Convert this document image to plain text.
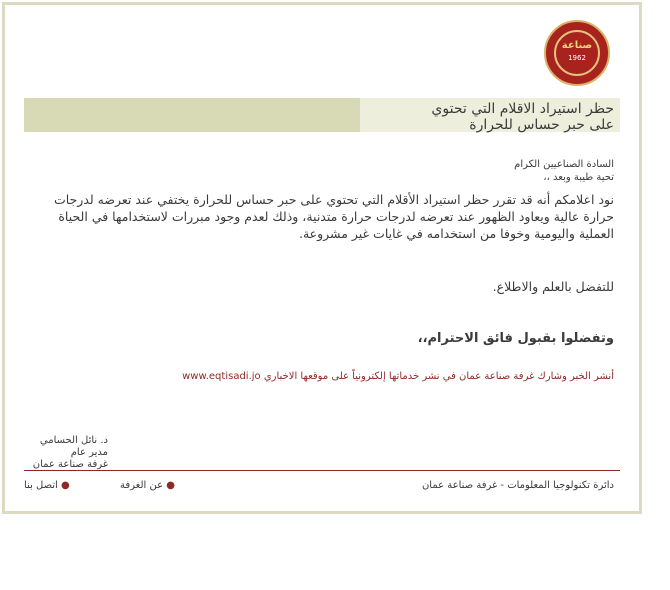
صناعة
1962
حظر استيراد الاقلام التي تحتوي
على حبر حساس للحرارة
السادة الصناعيين الكرام
تحية طيبة وبعد ،،
نود اعلامكم أنه قد تقرر حظر استيراد الأقلام التي تحتوي على حبر حساس للحرارة يختفي عند تعرضه لدرجات حرارة عالية ويعاود الظهور عند تعرضه لدرجات حرارة متدنية، وذلك لعدم وجود مبررات لاستخدامها في الحياة العملية واليومية وخوفا من استخدامه في غايات غير مشروعة.
للتفضل بالعلم والاطلاع.
وتفضلوا بقبول فائق الاحترام،،
أنشر الخبر وشارك غرفة صناعة عمان في نشر خدماتها إلكترونياً على موقعها الاخباري www.eqtisadi.jo
د. نائل الحسامي
مدير عام
غرفة صناعة عمان
● اتصل بنا	● عن الغرفة	دائرة تكنولوجيا المعلومات - غرفة صناعة عمان
